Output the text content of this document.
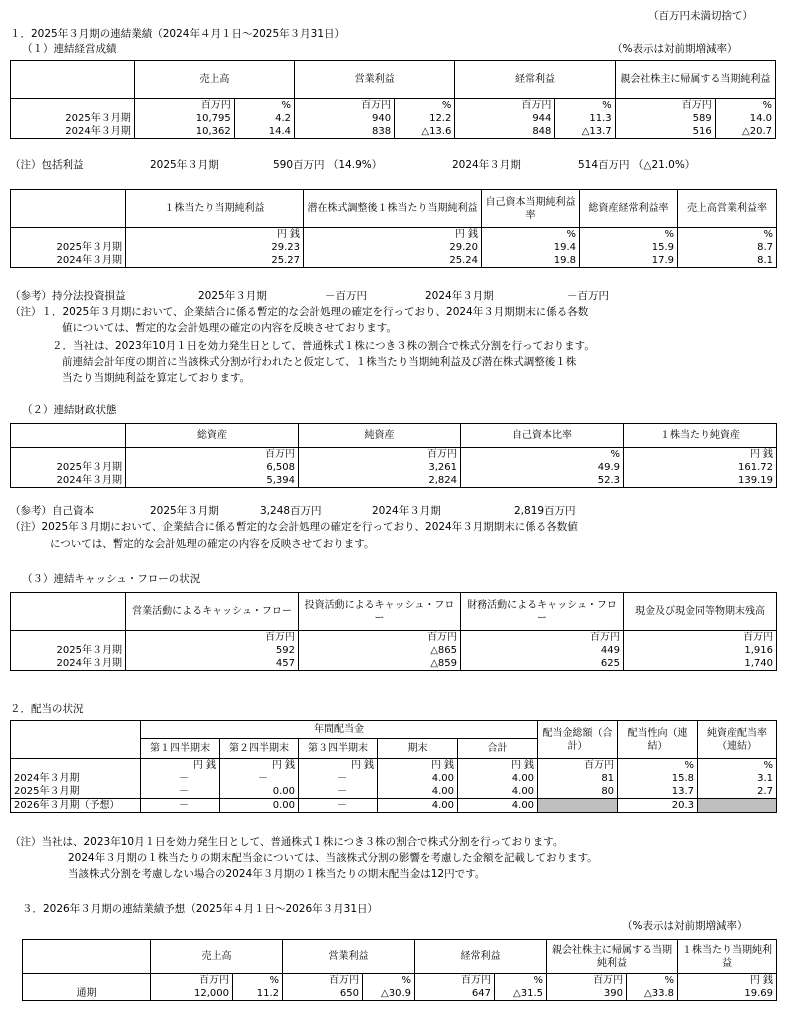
（百万円未満切捨て）
１．2025年３月期の連結業績（2024年４月１日～2025年３月31日）
（１）連結経営成績	（%表示は対前期増減率）
	売上高		営業利益		経常利益		親会社株主に帰属する当期純利益	
	百万円	%	百万円	%	百万円	%	百万円	%
2025年３月期	10,795	4.2	940	12.2	944	11.3	589	14.0
2024年３月期	10,362	14.4	838	△13.6	848	△13.7	516	△20.7
（注）包括利益	2025年３月期	590百万円 （14.9%）	2024年３月期	514百万円 （△21.0%）
	１株当たり当期純利益	潜在株式調整後１株当たり当期純利益	自己資本当期純利益率	総資産経常利益率	売上高営業利益率
	円 銭	円 銭	%	%	%
2025年３月期	29.23	29.20	19.4	15.9	8.7
2024年３月期	25.27	25.24	19.8	17.9	8.1
（参考）持分法投資損益	2025年３月期	－百万円	2024年３月期	－百万円
（注）１．2025年３月期において、企業結合に係る暫定的な会計処理の確定を行っており、2024年３月期期末に係る各数
値については、暫定的な会計処理の確定の内容を反映させております。
２．当社は、2023年10月１日を効力発生日として、普通株式１株につき３株の割合で株式分割を行っております。
前連結会計年度の期首に当該株式分割が行われたと仮定して、１株当たり当期純利益及び潜在株式調整後１株
当たり当期純利益を算定しております。
（２）連結財政状態
	総資産	純資産	自己資本比率	１株当たり純資産
	百万円	百万円	%	円 銭
2025年３月期	6,508	3,261	49.9	161.72
2024年３月期	5,394	2,824	52.3	139.19
（参考）自己資本	2025年３月期	3,248百万円	2024年３月期	2,819百万円
（注）2025年３月期において、企業結合に係る暫定的な会計処理の確定を行っており、2024年３月期期末に係る各数値
については、暫定的な会計処理の確定の内容を反映させております。
（３）連結キャッシュ・フローの状況
	営業活動によるキャッシュ・フロー	投資活動によるキャッシュ・フロー	財務活動によるキャッシュ・フロー	現金及び現金同等物期末残高
	百万円	百万円	百万円	百万円
2025年３月期	592	△865	449	1,916
2024年３月期	457	△859	625	1,740
２．配当の状況
	年間配当金					配当金総額（合計）	配当性向（連結）	純資産配当率（連結）
	第１四半期末	第２四半期末	第３四半期末	期末	合計			
	円 銭	円 銭	円 銭	円 銭	円 銭	百万円	%	%
2024年３月期	－	－	－	4.00	4.00	81	15.8	3.1
2025年３月期	－	0.00	－	4.00	4.00	80	13.7	2.7
2026年３月期（予想）	－	0.00	－	4.00	4.00		20.3	
（注）当社は、2023年10月１日を効力発生日として、普通株式１株につき３株の割合で株式分割を行っております。
2024年３月期の１株当たりの期末配当金については、当該株式分割の影響を考慮した金額を記載しております。
当該株式分割を考慮しない場合の2024年３月期の１株当たりの期末配当金は12円です。
３．2026年３月期の連結業績予想（2025年４月１日～2026年３月31日）
（%表示は対前期増減率）
	売上高		営業利益		経常利益		親会社株主に帰属する当期純利益		１株当たり当期純利益
	百万円	%	百万円	%	百万円	%	百万円	%	円 銭
通期	12,000	11.2	650	△30.9	647	△31.5	390	△33.8	19.69
